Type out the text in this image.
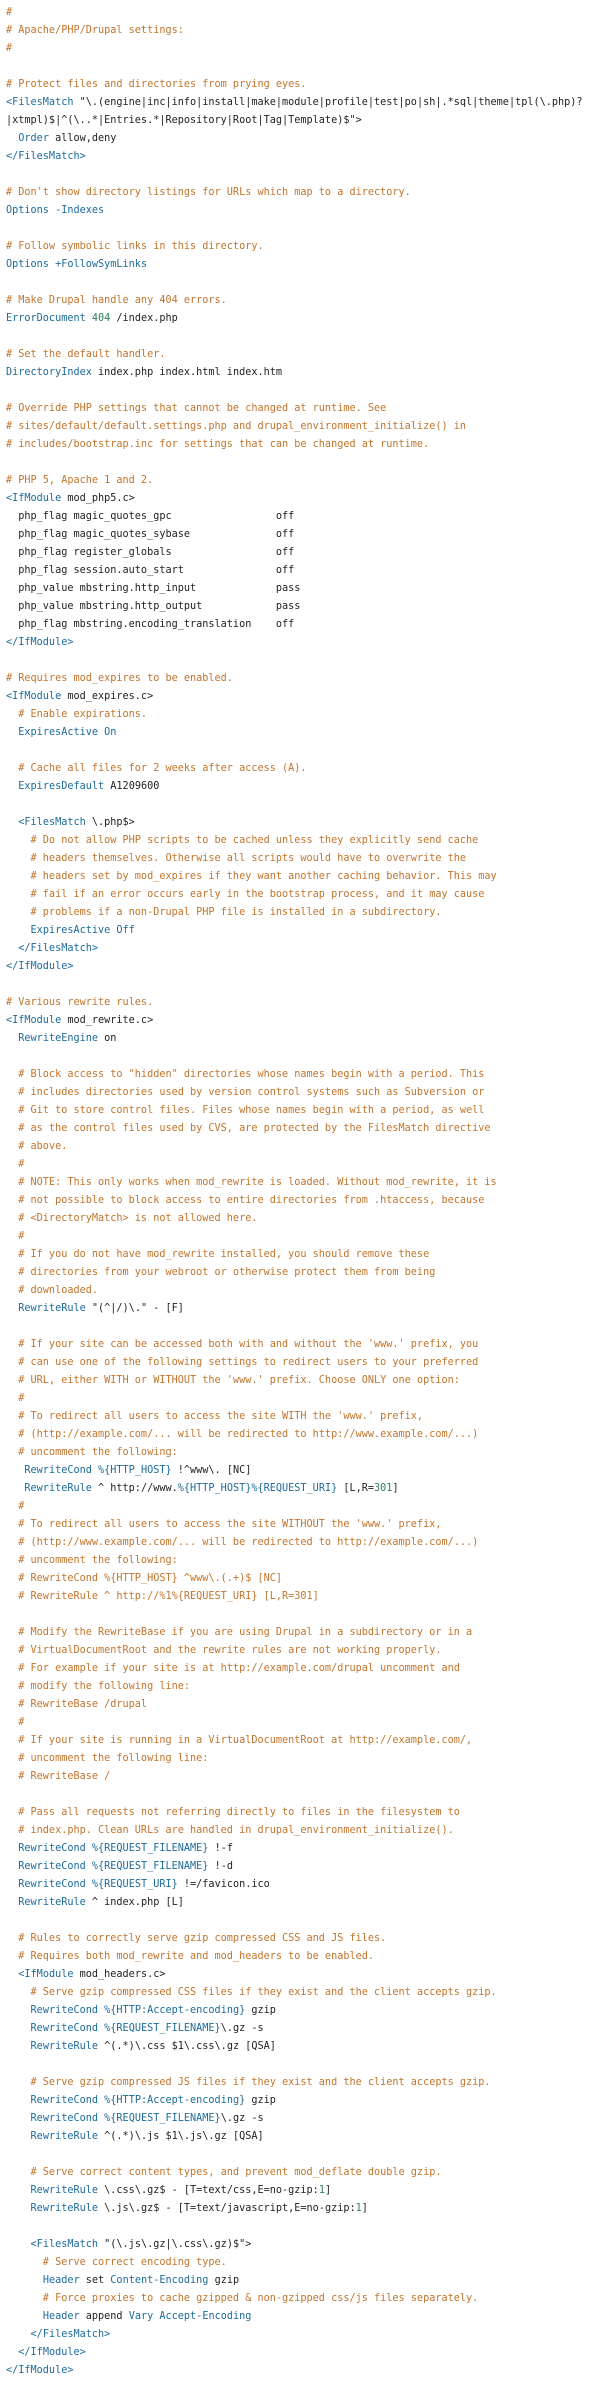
#
# Apache/PHP/Drupal settings:
#
# Protect files and directories from prying eyes.
<FilesMatch "\.(engine|inc|info|install|make|module|profile|test|po|sh|.*sql|theme|tpl(\.php)?
|xtmpl)$|^(\..*|Entries.*|Repository|Root|Tag|Template)$">
Order allow,deny
</FilesMatch>
# Don't show directory listings for URLs which map to a directory.
Options -Indexes
# Follow symbolic links in this directory.
Options +FollowSymLinks
# Make Drupal handle any 404 errors.
ErrorDocument 404 /index.php
# Set the default handler.
DirectoryIndex index.php index.html index.htm
# Override PHP settings that cannot be changed at runtime. See
# sites/default/default.settings.php and drupal_environment_initialize() in
# includes/bootstrap.inc for settings that can be changed at runtime.
# PHP 5, Apache 1 and 2.
<IfModule mod_php5.c>
php_flag magic_quotes_gpc                 off
php_flag magic_quotes_sybase              off
php_flag register_globals                 off
php_flag session.auto_start               off
php_value mbstring.http_input             pass
php_value mbstring.http_output            pass
php_flag mbstring.encoding_translation    off
</IfModule>
# Requires mod_expires to be enabled.
<IfModule mod_expires.c>
# Enable expirations.
ExpiresActive On
# Cache all files for 2 weeks after access (A).
ExpiresDefault A1209600
<FilesMatch \.php$>
# Do not allow PHP scripts to be cached unless they explicitly send cache
# headers themselves. Otherwise all scripts would have to overwrite the
# headers set by mod_expires if they want another caching behavior. This may
# fail if an error occurs early in the bootstrap process, and it may cause
# problems if a non-Drupal PHP file is installed in a subdirectory.
ExpiresActive Off
</FilesMatch>
</IfModule>
# Various rewrite rules.
<IfModule mod_rewrite.c>
RewriteEngine on
# Block access to "hidden" directories whose names begin with a period. This
# includes directories used by version control systems such as Subversion or
# Git to store control files. Files whose names begin with a period, as well
# as the control files used by CVS, are protected by the FilesMatch directive
# above.
#
# NOTE: This only works when mod_rewrite is loaded. Without mod_rewrite, it is
# not possible to block access to entire directories from .htaccess, because
# <DirectoryMatch> is not allowed here.
#
# If you do not have mod_rewrite installed, you should remove these
# directories from your webroot or otherwise protect them from being
# downloaded.
RewriteRule "(^|/)\." - [F]
# If your site can be accessed both with and without the 'www.' prefix, you
# can use one of the following settings to redirect users to your preferred
# URL, either WITH or WITHOUT the 'www.' prefix. Choose ONLY one option:
#
# To redirect all users to access the site WITH the 'www.' prefix,
# (http://example.com/... will be redirected to http://www.example.com/...)
# uncomment the following:
RewriteCond %{HTTP_HOST} !^www\. [NC]
RewriteRule ^ http://www.%{HTTP_HOST}%{REQUEST_URI} [L,R=301]
#
# To redirect all users to access the site WITHOUT the 'www.' prefix,
# (http://www.example.com/... will be redirected to http://example.com/...)
# uncomment the following:
# RewriteCond %{HTTP_HOST} ^www\.(.+)$ [NC]
# RewriteRule ^ http://%1%{REQUEST_URI} [L,R=301]
# Modify the RewriteBase if you are using Drupal in a subdirectory or in a
# VirtualDocumentRoot and the rewrite rules are not working properly.
# For example if your site is at http://example.com/drupal uncomment and
# modify the following line:
# RewriteBase /drupal
#
# If your site is running in a VirtualDocumentRoot at http://example.com/,
# uncomment the following line:
# RewriteBase /
# Pass all requests not referring directly to files in the filesystem to
# index.php. Clean URLs are handled in drupal_environment_initialize().
RewriteCond %{REQUEST_FILENAME} !-f
RewriteCond %{REQUEST_FILENAME} !-d
RewriteCond %{REQUEST_URI} !=/favicon.ico
RewriteRule ^ index.php [L]
# Rules to correctly serve gzip compressed CSS and JS files.
# Requires both mod_rewrite and mod_headers to be enabled.
<IfModule mod_headers.c>
# Serve gzip compressed CSS files if they exist and the client accepts gzip.
RewriteCond %{HTTP:Accept-encoding} gzip
RewriteCond %{REQUEST_FILENAME}\.gz -s
RewriteRule ^(.*)\.css $1\.css\.gz [QSA]
# Serve gzip compressed JS files if they exist and the client accepts gzip.
RewriteCond %{HTTP:Accept-encoding} gzip
RewriteCond %{REQUEST_FILENAME}\.gz -s
RewriteRule ^(.*)\.js $1\.js\.gz [QSA]
# Serve correct content types, and prevent mod_deflate double gzip.
RewriteRule \.css\.gz$ - [T=text/css,E=no-gzip:1]
RewriteRule \.js\.gz$ - [T=text/javascript,E=no-gzip:1]
<FilesMatch "(\.js\.gz|\.css\.gz)$">
# Serve correct encoding type.
Header set Content-Encoding gzip
# Force proxies to cache gzipped & non-gzipped css/js files separately.
Header append Vary Accept-Encoding
</FilesMatch>
</IfModule>
</IfModule>
